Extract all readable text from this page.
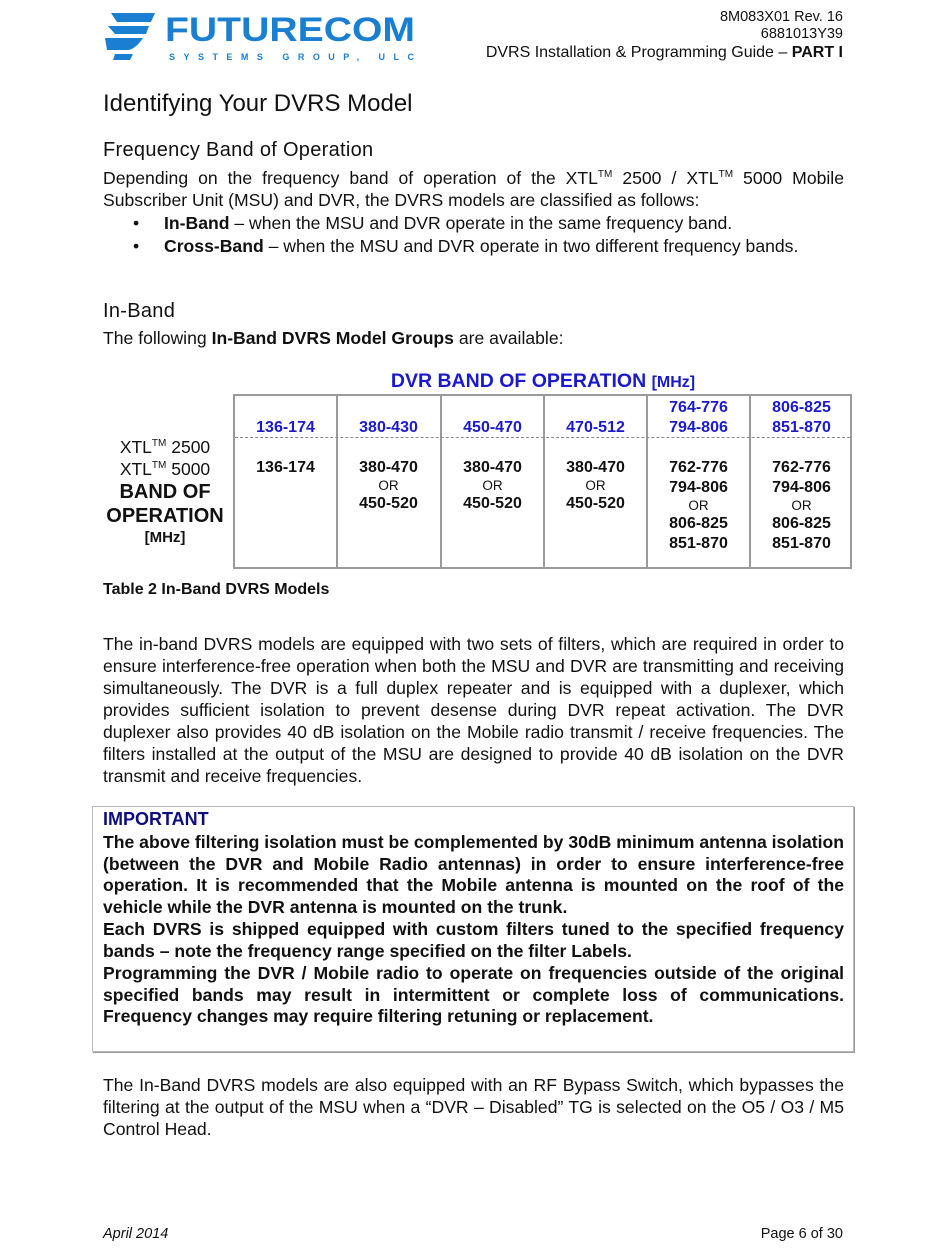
FUTURECOM
SYSTEMS GROUP, ULC
8M083X01 Rev. 16
6881013Y39
DVRS Installation & Programming Guide – PART I
Identifying Your DVRS Model
Frequency Band of Operation
Depending on the frequency band of operation of the XTL™ 2500 / XTL™ 5000 Mobile Subscriber Unit (MSU) and DVR, the DVRS models are classified as follows:
• In-Band – when the MSU and DVR operate in the same frequency band.
• Cross-Band – when the MSU and DVR operate in two different frequency bands.
In-Band
The following In-Band DVRS Model Groups are available:
DVR BAND OF OPERATION [MHz]
XTL™ 2500
XTL™ 5000
BAND OF
OPERATION
[MHz]
136-174
136-174
380-430
380-470
OR
450-520
450-470
380-470
OR
450-520
470-512
380-470
OR
450-520
764-776
794-806
762-776
794-806
OR
806-825
851-870
806-825
851-870
762-776
794-806
OR
806-825
851-870
Table 2 In-Band DVRS Models
The in-band DVRS models are equipped with two sets of filters, which are required in order to ensure interference-free operation when both the MSU and DVR are transmitting and receiving simultaneously. The DVR is a full duplex repeater and is equipped with a duplexer, which provides sufficient isolation to prevent desense during DVR repeat activation. The DVR duplexer also provides 40 dB isolation on the Mobile radio transmit / receive frequencies. The filters installed at the output of the MSU are designed to provide 40 dB isolation on the DVR transmit and receive frequencies.
IMPORTANT
The above filtering isolation must be complemented by 30dB minimum antenna isolation (between the DVR and Mobile Radio antennas) in order to ensure interference-free operation. It is recommended that the Mobile antenna is mounted on the roof of the vehicle while the DVR antenna is mounted on the trunk.
Each DVRS is shipped equipped with custom filters tuned to the specified frequency bands – note the frequency range specified on the filter Labels.
Programming the DVR / Mobile radio to operate on frequencies outside of the original specified bands may result in intermittent or complete loss of communications. Frequency changes may require filtering retuning or replacement.
The In-Band DVRS models are also equipped with an RF Bypass Switch, which bypasses the filtering at the output of the MSU when a “DVR – Disabled” TG is selected on the O5 / O3 / M5 Control Head.
April 2014	Page 6 of 30
